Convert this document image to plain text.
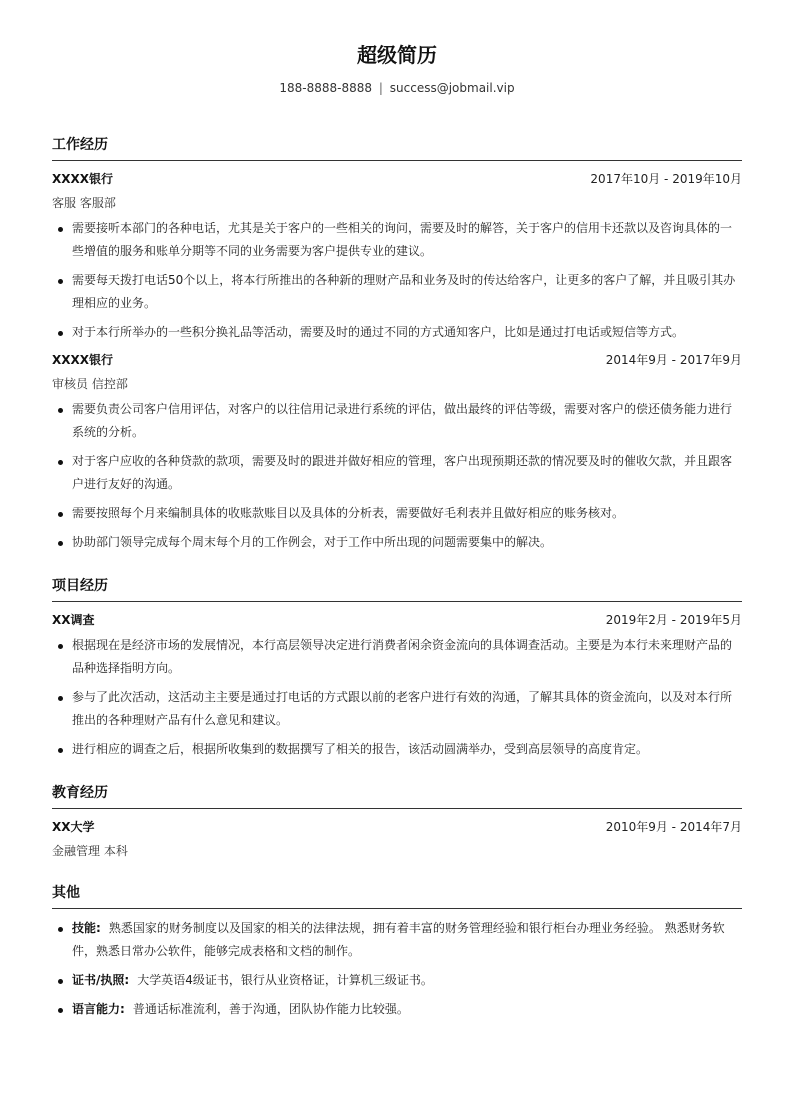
超级简历
188-8888-8888 | success@jobmail.vip
工作经历
XXXX银行	2017年10月 - 2019年10月
客服 客服部
需要接听本部门的各种电话，尤其是关于客户的一些相关的询问，需要及时的解答，关于客户的信用卡还款以及咨询具体的一些增值的服务和账单分期等不同的业务需要为客户提供专业的建议。
需要每天拨打电话50个以上，将本行所推出的各种新的理财产品和业务及时的传达给客户，让更多的客户了解，并且吸引其办理相应的业务。
对于本行所举办的一些积分换礼品等活动，需要及时的通过不同的方式通知客户，比如是通过打电话或短信等方式。
XXXX银行	2014年9月 - 2017年9月
审核员 信控部
需要负责公司客户信用评估，对客户的以往信用记录进行系统的评估，做出最终的评估等级，需要对客户的偿还债务能力进行系统的分析。
对于客户应收的各种贷款的款项，需要及时的跟进并做好相应的管理，客户出现预期还款的情况要及时的催收欠款，并且跟客户进行友好的沟通。
需要按照每个月来编制具体的收账款账目以及具体的分析表，需要做好毛利表并且做好相应的账务核对。
协助部门领导完成每个周末每个月的工作例会，对于工作中所出现的问题需要集中的解决。
项目经历
XX调查	2019年2月 - 2019年5月
根据现在是经济市场的发展情况，本行高层领导决定进行消费者闲余资金流向的具体调查活动。主要是为本行未来理财产品的品种选择指明方向。
参与了此次活动，这活动主主要是通过打电话的方式跟以前的老客户进行有效的沟通，了解其具体的资金流向，以及对本行所推出的各种理财产品有什么意见和建议。
进行相应的调查之后，根据所收集到的数据撰写了相关的报告，该活动圆满举办，受到高层领导的高度肯定。
教育经历
XX大学	2010年9月 - 2014年7月
金融管理 本科
其他
技能: 熟悉国家的财务制度以及国家的相关的法律法规，拥有着丰富的财务管理经验和银行柜台办理业务经验。 熟悉财务软件，熟悉日常办公软件，能够完成表格和文档的制作。
证书/执照: 大学英语4级证书，银行从业资格证，计算机三级证书。
语言能力: 普通话标准流利，善于沟通，团队协作能力比较强。
